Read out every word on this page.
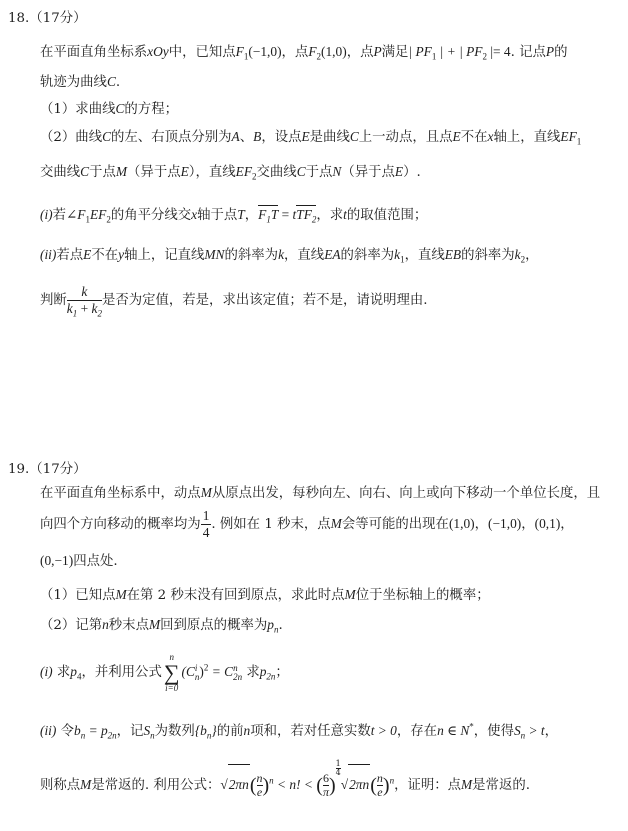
18.（17分）
在平面直角坐标系xOy中，已知点$F_1(-1,0)$，点$F_2(1,0)$，点P满足| $PF_1$ | + | $PF_2$ |= 4. 记点P的
轨迹为曲线C.
（1）求曲线C的方程；
（2）曲线C的左、右顶点分别为A、B，设点E是曲线C上一动点，且点E不在x轴上，直线$EF_1$
交曲线C于点M（异于点E），直线$EF_2$交曲线C于点N（异于点E）.
(i)若$\angle F_1EF_2$的角平分线交x轴于点T，$F_1T = tTF_2$，求t的取值范围；
(ii)若点E不在y轴上，记直线MN的斜率为k，直线EA的斜率为$k_1$，直线EB的斜率为$k_2$，
判断 $\frac{k}{k_1 + k_2}$ 是否为定值，若是，求出该定值；若不是，请说明理由.
19.（17分）
在平面直角坐标系中，动点M从原点出发，每秒向左、向右、向上或向下移动一个单位长度，且
向四个方向移动的概率均为 $\frac{1}{4}$ . 例如在 1 秒末，点M会等可能的出现在(1,0)，(−1,0)，(0,1)，
(0,−1)四点处.
（1）已知点M在第 2 秒末没有回到原点，求此时点M位于坐标轴上的概率；
（2）记第n秒末点M回到原点的概率为$p_n$.
(i) 求$p_4$，并利用公式
n
∑
i=0
(C i
n )$^2$ = C n
2n 求$p_{2n}$；
(ii) 令$b_n = p_{2n}$，记$S_n$为数列$\{b_n\}$的前n项和，若对任意实数t > 0，存在n ∈ N*，使得$S_n > t$，
则称点M是常返的. 利用公式：$√2\pi n( \frac{n}{e})^n < n$! < ( $\frac{6}{\pi}$)
$\frac{1}{4}√2\pi n( \frac{n}{e})^n$，证明：点M是常返的.
